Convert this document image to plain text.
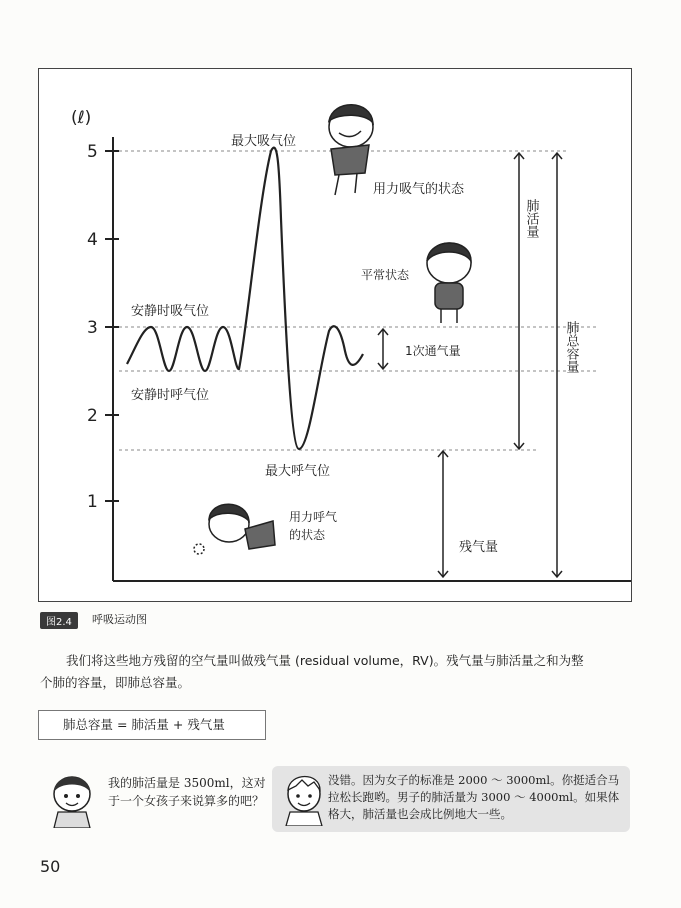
(ℓ)
5
4
3
2
1
最大吸气位
用力吸气的状态
平常状态
安静时吸气位
1次通气量
安静时呼气位
最大呼气位
用力呼气
的状态
残气量
肺活量
肺总容量
图2.4	呼吸运动图
我们将这些地方残留的空气量叫做残气量 (residual volume，RV)。残气量与肺活量之和为整
个肺的容量，即肺总容量。
肺总容量 = 肺活量 + 残气量
我的肺活量是 3500ml，这对于一个女孩子来说算多的吧？
没错。因为女子的标准是 2000 ～ 3000ml。你挺适合马拉松长跑哟。男子的肺活量为 3000 ～ 4000ml。如果体格大，肺活量也会成比例地大一些。
50
